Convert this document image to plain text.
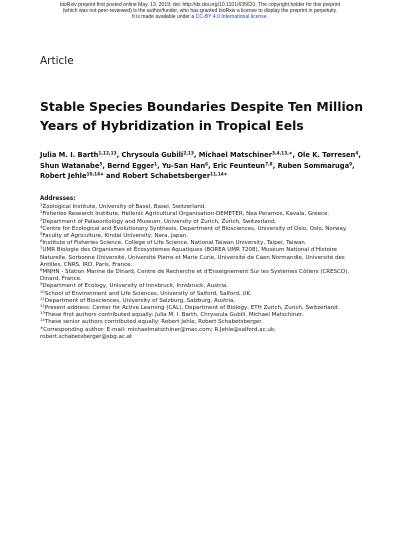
bioRxiv preprint first posted online May. 13, 2019; doi: http://dx.doi.org/10.1101/635631. The copyright holder for this preprint
(which was not peer-reviewed) is the author/funder, who has granted bioRxiv a license to display the preprint in perpetuity.
It is made available under a CC-BY 4.0 International license.
Article
Stable Species Boundaries Despite Ten Million Years of Hybridization in Tropical Eels
Julia M. I. Barth$^{1,12,13}$, Chrysoula Gubili$^{2,13}$, Michael Matschiner$^{3,4,13,∗}$, Ole K. Tørresen$^4$, Shun Watanabe$^5$, Bernd Egger$^1$, Yu-San Han$^6$, Eric Feunteun$^{7,8}$, Ruben Sommaruga$^9$, Robert Jehle$^{10,14∗}$ and Robert Schabetsberger$^{11,14∗}$
Addresses:
$^1$Zoological Institute, University of Basel, Basel, Switzerland.
$^2$Fisheries Research Institute, Hellenic Agricultural Organisation-DEMETER, Nea Peramos, Kavala, Greece.
$^3$Department of Palaeontology and Museum, University of Zurich, Zurich, Switzerland.
$^4$Centre for Ecological and Evolutionary Synthesis, Department of Biosciences, University of Oslo, Oslo, Norway.
$^5$Faculty of Agriculture, Kindai University, Nara, Japan.
$^6$Institute of Fisheries Science, College of Life Science, National Taiwan University, Taipei, Taiwan.
$^7$UMR Biologie des Organismes et Écosystèmes Aquatiques (BOREA UMR 7208), Muséum National d'Histoire Naturelle, Sorbonne Université, Université Pierre et Marie Curie, Université de Caen Normandie, Université des Antilles, CNRS, IRD, Paris, France.
$^8$MNHN - Station Marine de Dinard, Centre de Recherche et d'Enseignement Sur les Systèmes Côtiers (CRESCO), Dinard, France.
$^9$Department of Ecology, University of Innsbruck, Innsbruck, Austria.
$^{10}$School of Environment and Life Sciences, University of Salford, Salford, UK.
$^{11}$Department of Biosciences, University of Salzburg, Salzburg, Austria.
$^{12}$Present address: Center for Active Learning (CAL), Department of Biology, ETH Zurich, Zurich, Switzerland.
$^{13}$These first authors contributed equally: Julia M. I. Barth, Chrysoula Gubili, Michael Matschiner.
$^{14}$These senior authors contributed equally: Robert Jehle, Robert Schabetsberger.
∗Corresponding author: E-mail: michaelmatschiner@mac.com; R.Jehle@salford.ac.uk; robert.schabetsberger@sbg.ac.at
